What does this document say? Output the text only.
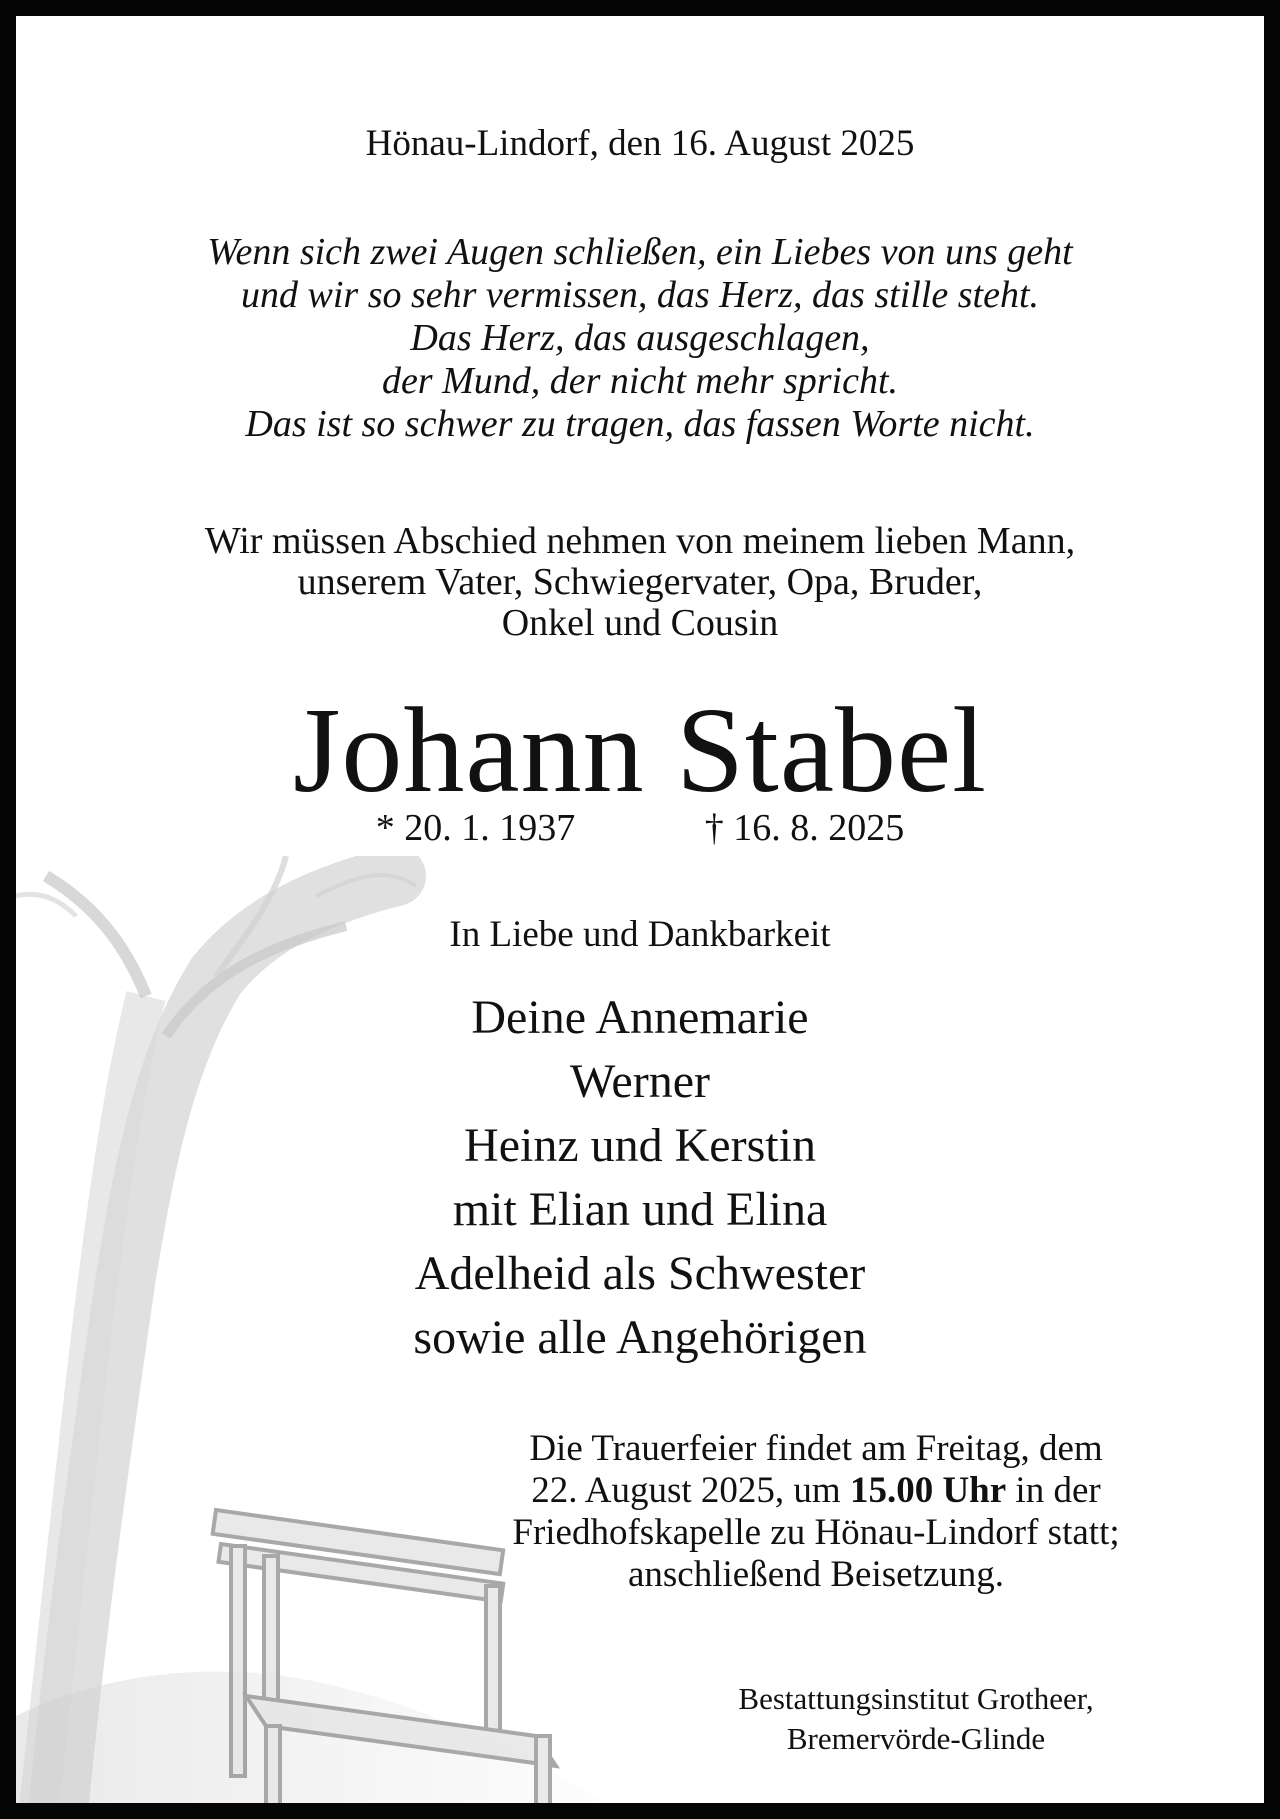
Hönau-Lindorf, den 16. August 2025
Wenn sich zwei Augen schließen, ein Liebes von uns geht
und wir so sehr vermissen, das Herz, das stille steht.
Das Herz, das ausgeschlagen,
der Mund, der nicht mehr spricht.
Das ist so schwer zu tragen, das fassen Worte nicht.
Wir müssen Abschied nehmen von meinem lieben Mann,
unserem Vater, Schwiegervater, Opa, Bruder,
Onkel und Cousin
Johann Stabel
* 20. 1. 1937	† 16. 8. 2025
In Liebe und Dankbarkeit
Deine Annemarie
Werner
Heinz und Kerstin
mit Elian und Elina
Adelheid als Schwester
sowie alle Angehörigen
Die Trauerfeier findet am Freitag, dem
22. August 2025, um 15.00 Uhr in der
Friedhofskapelle zu Hönau-Lindorf statt;
anschließend Beisetzung.
Bestattungsinstitut Grotheer,
Bremervörde-Glinde
